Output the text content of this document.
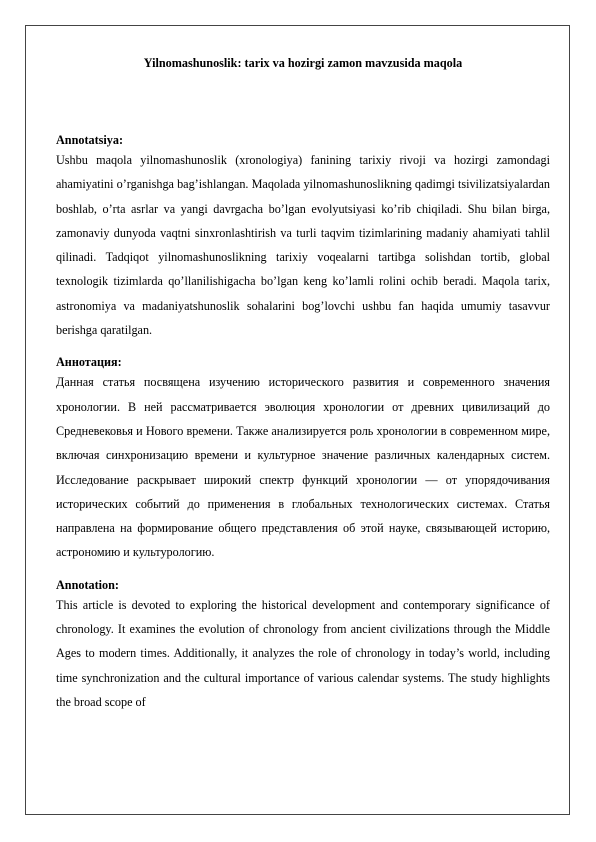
Yilnomashunoslik: tarix va hozirgi zamon mavzusida maqola

Annotatsiya:

Ushbu maqola yilnomashunoslik (xronologiya) fanining tarixiy rivoji va hozirgi zamondagi ahamiyatini o’rganishga bag’ishlangan. Maqolada yilnomashunoslikning qadimgi tsivilizatsiyalardan boshlab, o’rta asrlar va yangi davrgacha bo’lgan evolyutsiyasi ko’rib chiqiladi. Shu bilan birga, zamonaviy dunyoda vaqtni sinxronlashtirish va turli taqvim tizimlarining madaniy ahamiyati tahlil qilinadi. Tadqiqot yilnomashunoslikning tarixiy voqealarni tartibga solishdan tortib, global texnologik tizimlarda qo’llanilishigacha bo’lgan keng ko’lamli rolini ochib beradi. Maqola tarix, astronomiya va madaniyatshunoslik sohalarini bog’lovchi ushbu fan haqida umumiy tasavvur berishga qaratilgan.

Аннотация:

Данная статья посвящена изучению исторического развития и современного значения хронологии. В ней рассматривается эволюция хронологии от древних цивилизаций до Средневековья и Нового времени. Также анализируется роль хронологии в современном мире, включая синхронизацию времени и культурное значение различных календарных систем. Исследование раскрывает широкий спектр функций хронологии — от упорядочивания исторических событий до применения в глобальных технологических системах. Статья направлена на формирование общего представления об этой науке, связывающей историю, астрономию и культурологию.

Annotation:

This article is devoted to exploring the historical development and contemporary significance of chronology. It examines the evolution of chronology from ancient civilizations through the Middle Ages to modern times. Additionally, it analyzes the role of chronology in today’s world, including time synchronization and the cultural importance of various calendar systems. The study highlights the broad scope of
